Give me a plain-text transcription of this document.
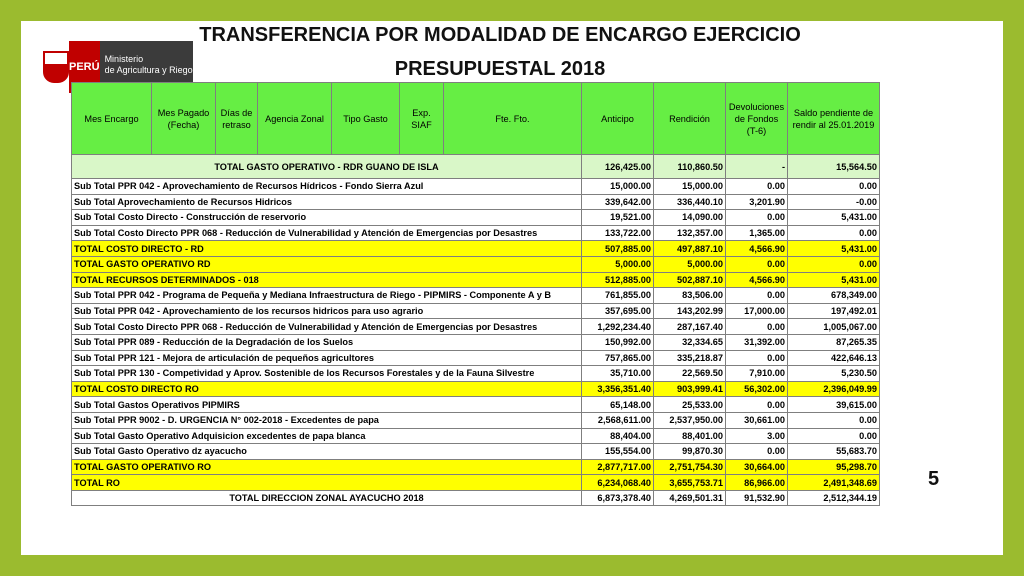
PERÚ
Ministerio
de Agricultura y Riego
TRANSFERENCIA POR MODALIDAD DE ENCARGO EJERCICIO
PRESUPUESTAL 2018
Mes Encargo	Mes Pagado (Fecha)	Días de retraso	Agencia Zonal	Tipo Gasto	Exp. SIAF	Fte. Fto.	Anticipo	Rendición	Devoluciones de Fondos (T-6)	Saldo pendiente de rendir al 25.01.2019
TOTAL GASTO OPERATIVO - RDR GUANO DE ISLA							126,425.00	110,860.50	-	15,564.50
Sub Total PPR 042 - Aprovechamiento de Recursos Hídricos - Fondo Sierra Azul							15,000.00	15,000.00	0.00	0.00
Sub Total Aprovechamiento de Recursos Hidricos							339,642.00	336,440.10	3,201.90	-0.00
Sub Total Costo Directo - Construcción de reservorio							19,521.00	14,090.00	0.00	5,431.00
Sub Total Costo Directo PPR 068 - Reducción de Vulnerabilidad y Atención de Emergencias por Desastres							133,722.00	132,357.00	1,365.00	0.00
TOTAL COSTO DIRECTO - RD							507,885.00	497,887.10	4,566.90	5,431.00
TOTAL GASTO OPERATIVO RD							5,000.00	5,000.00	0.00	0.00
TOTAL RECURSOS DETERMINADOS - 018							512,885.00	502,887.10	4,566.90	5,431.00
Sub Total PPR 042 - Programa de Pequeña y Mediana Infraestructura de Riego - PIPMIRS - Componente A y B							761,855.00	83,506.00	0.00	678,349.00
Sub Total PPR 042 - Aprovechamiento de los recursos hidricos para uso agrario							357,695.00	143,202.99	17,000.00	197,492.01
Sub Total Costo Directo PPR 068 - Reducción de Vulnerabilidad y Atención de Emergencias por Desastres							1,292,234.40	287,167.40	0.00	1,005,067.00
Sub Total PPR 089 - Reducción de la Degradación de los Suelos							150,992.00	32,334.65	31,392.00	87,265.35
Sub Total PPR 121 - Mejora de articulación de pequeños agricultores							757,865.00	335,218.87	0.00	422,646.13
Sub Total PPR 130 - Competividad y Aprov. Sostenible de los Recursos Forestales y de la Fauna Silvestre							35,710.00	22,569.50	7,910.00	5,230.50
TOTAL COSTO DIRECTO RO							3,356,351.40	903,999.41	56,302.00	2,396,049.99
Sub Total Gastos Operativos PIPMIRS							65,148.00	25,533.00	0.00	39,615.00
Sub Total PPR 9002 - D. URGENCIA N° 002-2018 - Excedentes de papa							2,568,611.00	2,537,950.00	30,661.00	0.00
Sub Total Gasto Operativo Adquisicion excedentes de papa blanca							88,404.00	88,401.00	3.00	0.00
Sub Total Gasto Operativo dz ayacucho							155,554.00	99,870.30	0.00	55,683.70
TOTAL GASTO OPERATIVO RO							2,877,717.00	2,751,754.30	30,664.00	95,298.70
TOTAL RO							6,234,068.40	3,655,753.71	86,966.00	2,491,348.69
TOTAL DIRECCION ZONAL AYACUCHO 2018							6,873,378.40	4,269,501.31	91,532.90	2,512,344.19
5
